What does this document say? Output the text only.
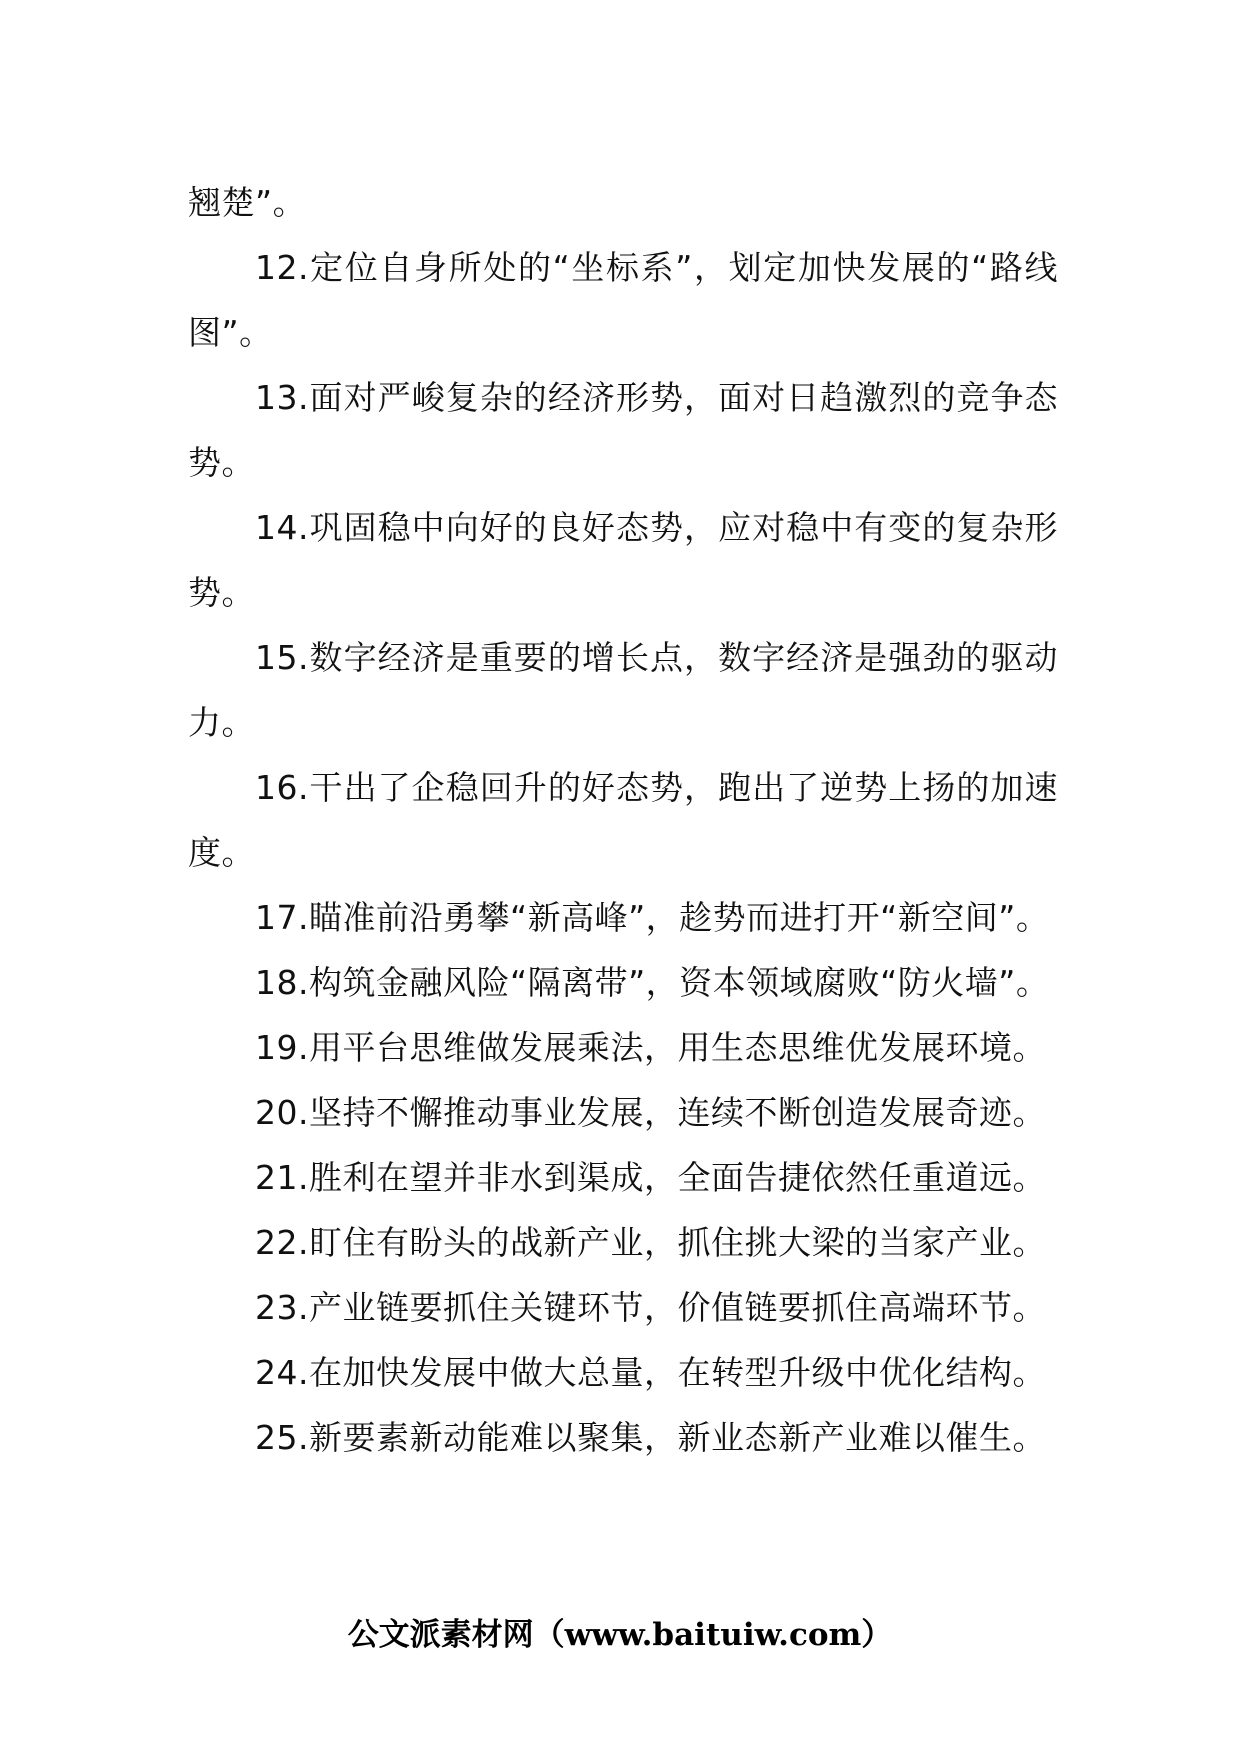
翘楚”。

12.定位自身所处的“坐标系”，划定加快发展的“路线图”。

13.面对严峻复杂的经济形势，面对日趋激烈的竞争态势。

14.巩固稳中向好的良好态势，应对稳中有变的复杂形势。

15.数字经济是重要的增长点，数字经济是强劲的驱动力。

16.干出了企稳回升的好态势，跑出了逆势上扬的加速度。

17.瞄准前沿勇攀“新高峰”，趁势而进打开“新空间”。

18.构筑金融风险“隔离带”，资本领域腐败“防火墙”。

19.用平台思维做发展乘法，用生态思维优发展环境。

20.坚持不懈推动事业发展，连续不断创造发展奇迹。

21.胜利在望并非水到渠成，全面告捷依然任重道远。

22.盯住有盼头的战新产业，抓住挑大梁的当家产业。

23.产业链要抓住关键环节，价值链要抓住高端环节。

24.在加快发展中做大总量，在转型升级中优化结构。

25.新要素新动能难以聚集，新业态新产业难以催生。

公文派素材网（www.baituiw.com）
